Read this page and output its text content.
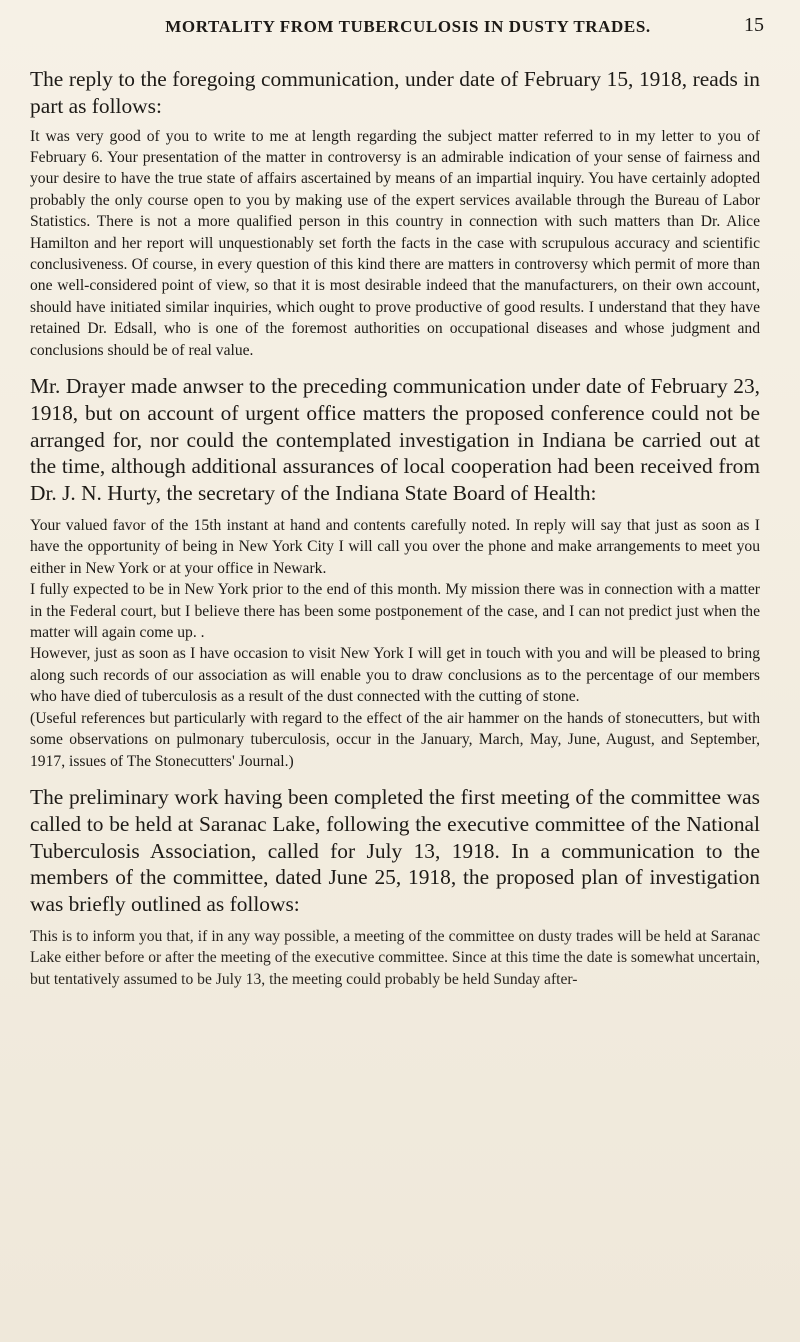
MORTALITY FROM TUBERCULOSIS IN DUSTY TRADES.	15

The reply to the foregoing communication, under date of February 15, 1918, reads in part as follows:

It was very good of you to write to me at length regarding the subject matter referred to in my letter to you of February 6. Your presentation of the matter in controversy is an admirable indication of your sense of fairness and your desire to have the true state of affairs ascertained by means of an impartial inquiry. You have certainly adopted probably the only course open to you by making use of the expert services available through the Bureau of Labor Statistics. There is not a more qualified person in this country in connection with such matters than Dr. Alice Hamilton and her report will unquestionably set forth the facts in the case with scrupulous accuracy and scientific conclusiveness. Of course, in every question of this kind there are matters in controversy which permit of more than one well-considered point of view, so that it is most desirable indeed that the manufacturers, on their own account, should have initiated similar inquiries, which ought to prove productive of good results. I understand that they have retained Dr. Edsall, who is one of the foremost authorities on occupational diseases and whose judgment and conclusions should be of real value.

Mr. Drayer made anwser to the preceding communication under date of February 23, 1918, but on account of urgent office matters the proposed conference could not be arranged for, nor could the contemplated investigation in Indiana be carried out at the time, although additional assurances of local cooperation had been received from Dr. J. N. Hurty, the secretary of the Indiana State Board of Health:

Your valued favor of the 15th instant at hand and contents carefully noted. In reply will say that just as soon as I have the opportunity of being in New York City I will call you over the phone and make arrangements to meet you either in New York or at your office in Newark.

I fully expected to be in New York prior to the end of this month. My mission there was in connection with a matter in the Federal court, but I believe there has been some postponement of the case, and I can not predict just when the matter will again come up. .

However, just as soon as I have occasion to visit New York I will get in touch with you and will be pleased to bring along such records of our association as will enable you to draw conclusions as to the percentage of our members who have died of tuberculosis as a result of the dust connected with the cutting of stone.

(Useful references but particularly with regard to the effect of the air hammer on the hands of stonecutters, but with some observations on pulmonary tuberculosis, occur in the January, March, May, June, August, and September, 1917, issues of The Stonecutters' Journal.)

The preliminary work having been completed the first meeting of the committee was called to be held at Saranac Lake, following the executive committee of the National Tuberculosis Association, called for July 13, 1918. In a communication to the members of the committee, dated June 25, 1918, the proposed plan of investigation was briefly outlined as follows:

This is to inform you that, if in any way possible, a meeting of the committee on dusty trades will be held at Saranac Lake either before or after the meeting of the executive committee. Since at this time the date is somewhat uncertain, but tentatively assumed to be July 13, the meeting could probably be held Sunday after-
